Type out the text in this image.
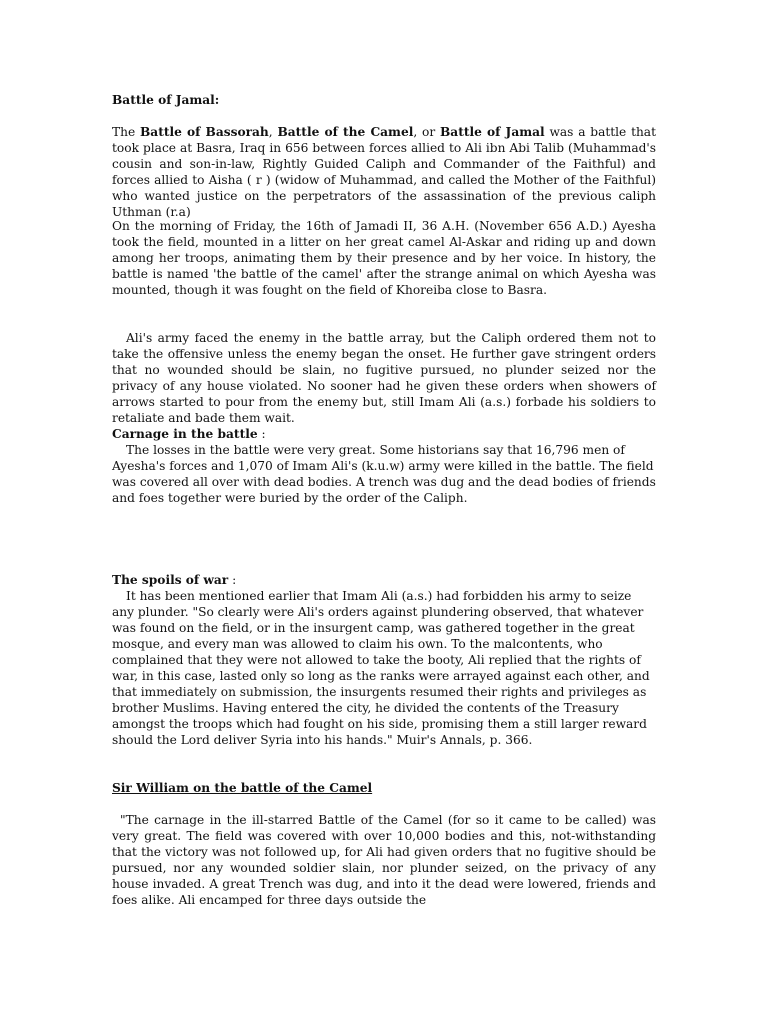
Battle of Jamal:

The Battle of Bassorah, Battle of the Camel, or Battle of Jamal was a battle that took place at Basra, Iraq in 656 between forces allied to Ali ibn Abi Talib (Muhammad's cousin and son-in-law, Rightly Guided Caliph and Commander of the Faithful) and forces allied to Aisha ( r ) (widow of Muhammad, and called the Mother of the Faithful) who wanted justice on the perpetrators of the assassination of the previous caliph Uthman (r.a)

On the morning of Friday, the 16th of Jamadi II, 36 A.H. (November 656 A.D.) Ayesha took the field, mounted in a litter on her great camel Al-Askar and riding up and down among her troops, animating them by their presence and by her voice. In history, the battle is named 'the battle of the camel' after the strange animal on which Ayesha was mounted, though it was fought on the field of Khoreiba close to Basra.

Ali's army faced the enemy in the battle array, but the Caliph ordered them not to take the offensive unless the enemy began the onset. He further gave stringent orders that no wounded should be slain, no fugitive pursued, no plunder seized nor the privacy of any house violated. No sooner had he given these orders when showers of arrows started to pour from the enemy but, still Imam Ali (a.s.) forbade his soldiers to retaliate and bade them wait.

Carnage in the battle :

The losses in the battle were very great. Some historians say that 16,796 men of Ayesha's forces and 1,070 of Imam Ali's (k.u.w) army were killed in the battle. The field was covered all over with dead bodies. A trench was dug and the dead bodies of friends and foes together were buried by the order of the Caliph.

The spoils of war :

It has been mentioned earlier that Imam Ali (a.s.) had forbidden his army to seize any plunder. "So clearly were Ali's orders against plundering observed, that whatever was found on the field, or in the insurgent camp, was gathered together in the great mosque, and every man was allowed to claim his own. To the malcontents, who complained that they were not allowed to take the booty, Ali replied that the rights of war, in this case, lasted only so long as the ranks were arrayed against each other, and that immediately on submission, the insurgents resumed their rights and privileges as brother Muslims. Having entered the city, he divided the contents of the Treasury amongst the troops which had fought on his side, promising them a still larger reward should the Lord deliver Syria into his hands." Muir's Annals, p. 366.

Sir William on the battle of the Camel

"The carnage in the ill-starred Battle of the Camel (for so it came to be called) was very great. The field was covered with over 10,000 bodies and this, not-withstanding that the victory was not followed up, for Ali had given orders that no fugitive should be pursued, nor any wounded soldier slain, nor plunder seized, on the privacy of any house invaded. A great Trench was dug, and into it the dead were lowered, friends and foes alike. Ali encamped for three days outside the
